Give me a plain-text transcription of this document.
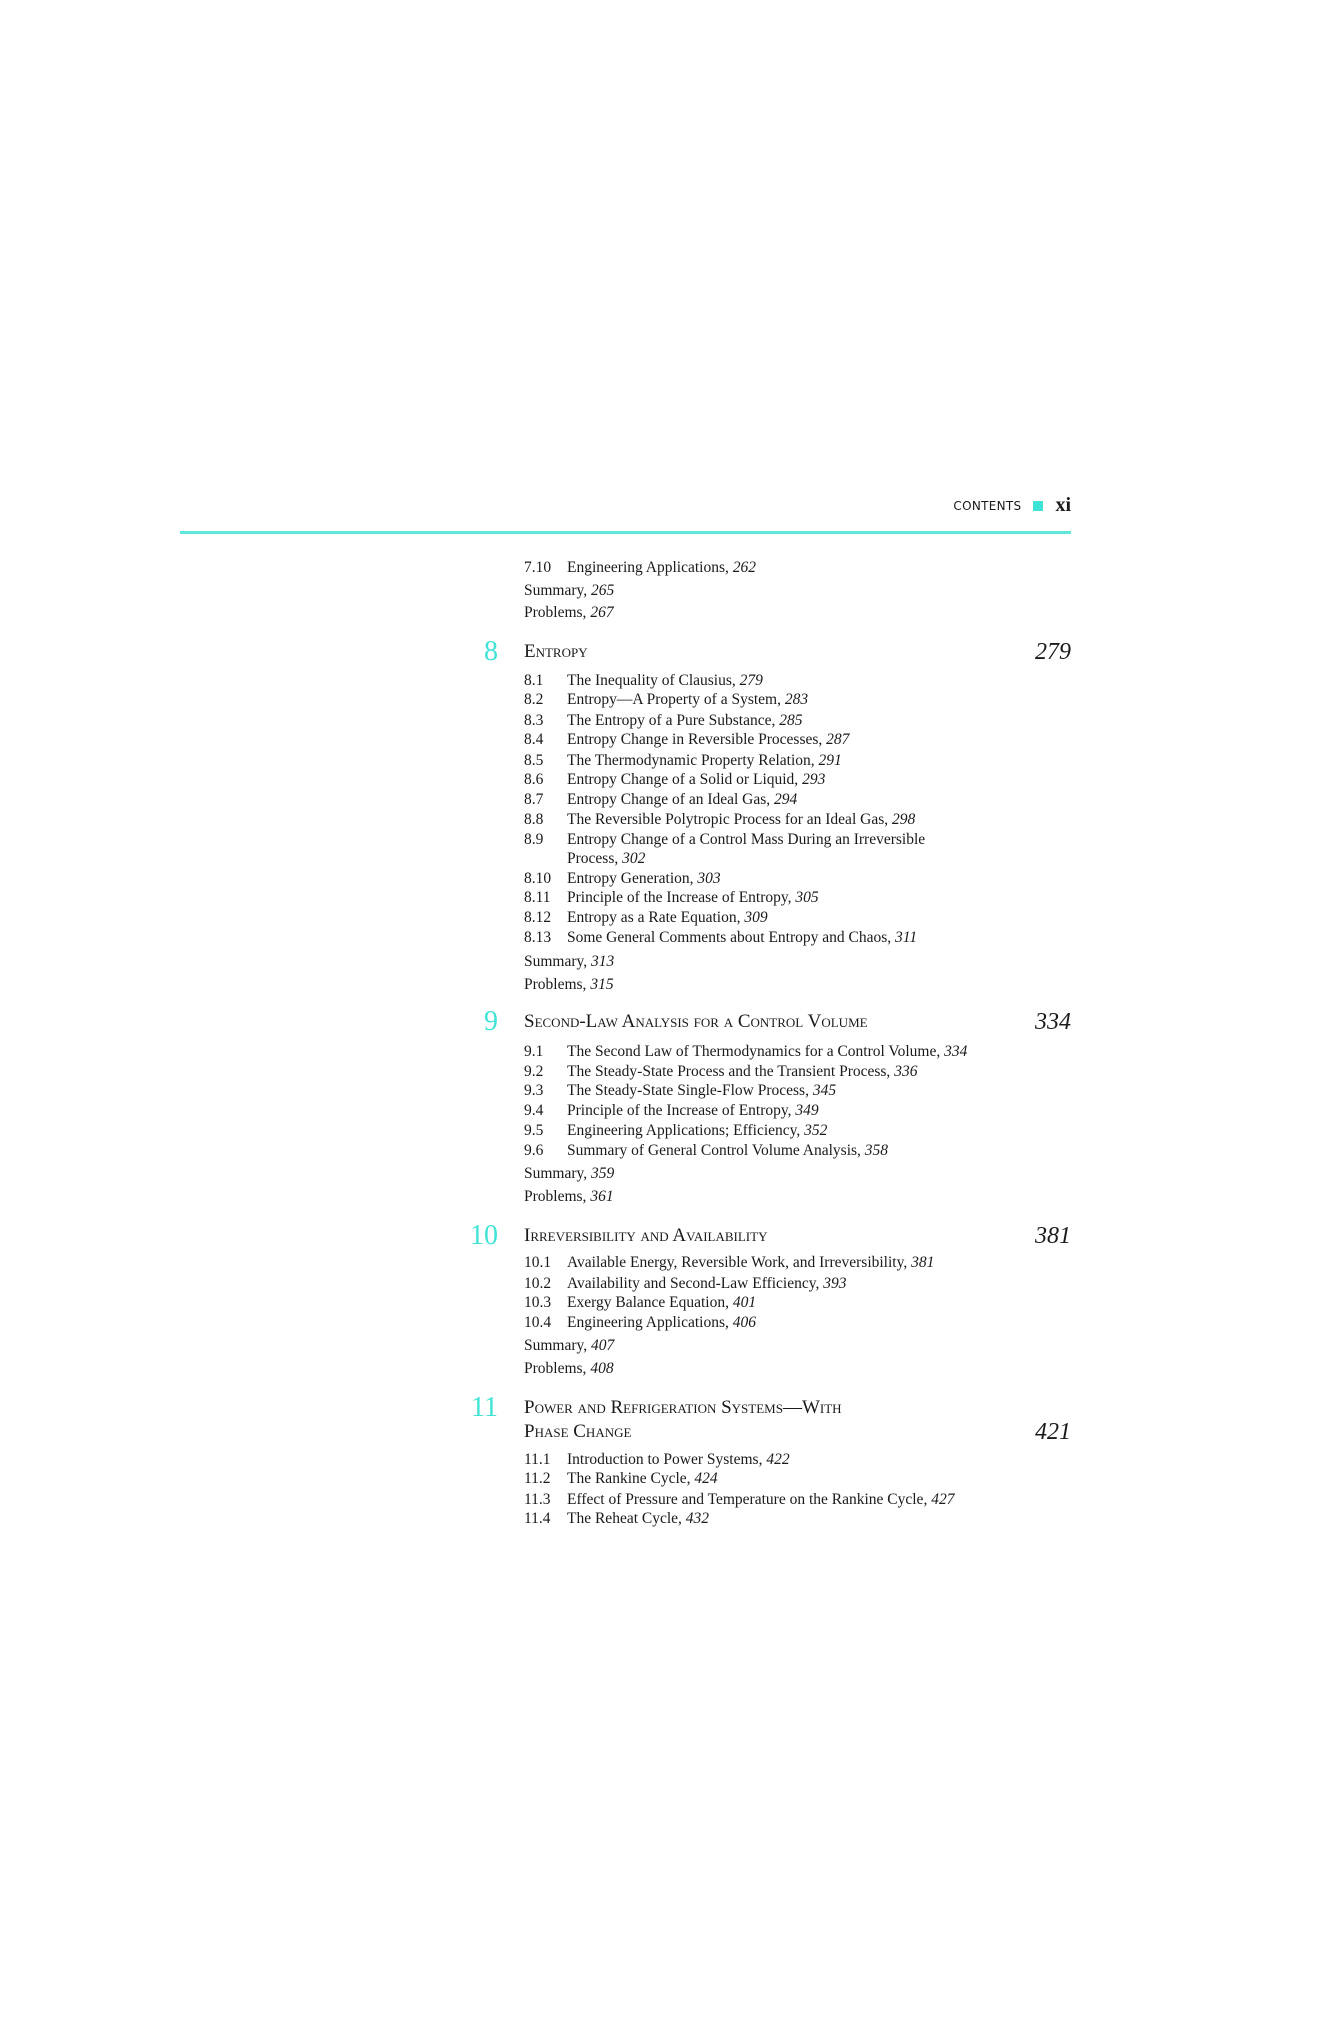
CONTENTS xi
7.10 Engineering Applications, 262
Summary, 265
Problems, 267
8 Entropy	279
8.1 The Inequality of Clausius, 279
8.2 Entropy—A Property of a System, 283
8.3 The Entropy of a Pure Substance, 285
8.4 Entropy Change in Reversible Processes, 287
8.5 The Thermodynamic Property Relation, 291
8.6 Entropy Change of a Solid or Liquid, 293
8.7 Entropy Change of an Ideal Gas, 294
8.8 The Reversible Polytropic Process for an Ideal Gas, 298
8.9 Entropy Change of a Control Mass During an Irreversible
Process, 302
8.10 Entropy Generation, 303
8.11 Principle of the Increase of Entropy, 305
8.12 Entropy as a Rate Equation, 309
8.13 Some General Comments about Entropy and Chaos, 311
Summary, 313
Problems, 315
9 Second-Law Analysis for a Control Volume	334
9.1 The Second Law of Thermodynamics for a Control Volume, 334
9.2 The Steady-State Process and the Transient Process, 336
9.3 The Steady-State Single-Flow Process, 345
9.4 Principle of the Increase of Entropy, 349
9.5 Engineering Applications; Efficiency, 352
9.6 Summary of General Control Volume Analysis, 358
Summary, 359
Problems, 361
10 Irreversibility and Availability	381
10.1 Available Energy, Reversible Work, and Irreversibility, 381
10.2 Availability and Second-Law Efficiency, 393
10.3 Exergy Balance Equation, 401
10.4 Engineering Applications, 406
Summary, 407
Problems, 408
11 Power and Refrigeration Systems—With
Phase Change	421
11.1 Introduction to Power Systems, 422
11.2 The Rankine Cycle, 424
11.3 Effect of Pressure and Temperature on the Rankine Cycle, 427
11.4 The Reheat Cycle, 432
